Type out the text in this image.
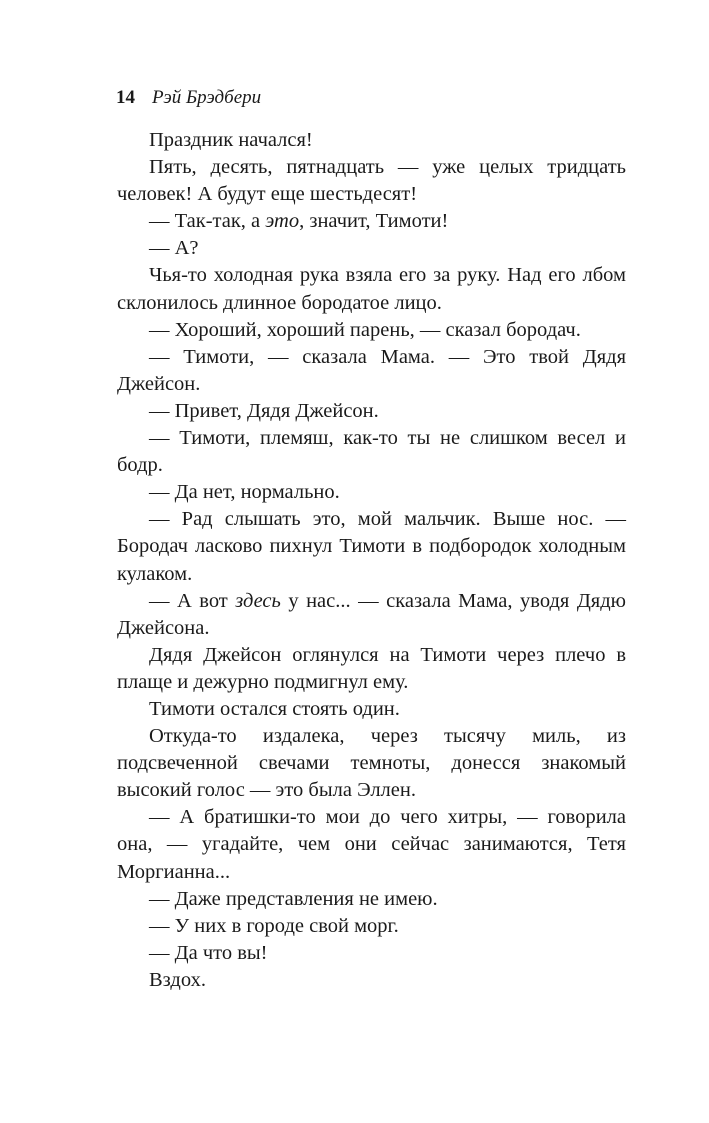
14 Рэй Брэдбери

Праздник начался!

Пять, десять, пятнадцать — уже целых тридцать человек! А будут еще шестьдесят!

— Так-так, а это, значит, Тимоти!

— А?

Чья-то холодная рука взяла его за руку. Над его лбом склонилось длинное бородатое лицо.

— Хороший, хороший парень, — сказал бородач.

— Тимоти, — сказала Мама. — Это твой Дядя Джейсон.

— Привет, Дядя Джейсон.

— Тимоти, племяш, как-то ты не слишком весел и бодр.

— Да нет, нормально.

— Рад слышать это, мой мальчик. Выше нос. — Бородач ласково пихнул Тимоти в подбородок холодным кулаком.

— А вот здесь у нас... — сказала Мама, уводя Дядю Джейсона.

Дядя Джейсон оглянулся на Тимоти через плечо в плаще и дежурно подмигнул ему.

Тимоти остался стоять один.

Откуда-то издалека, через тысячу миль, из подсвеченной свечами темноты, донесся знакомый высокий голос — это была Эллен.

— А братишки-то мои до чего хитры, — говорила она, — угадайте, чем они сейчас занимаются, Тетя Моргианна...

— Даже представления не имею.

— У них в городе свой морг.

— Да что вы!

Вздох.
